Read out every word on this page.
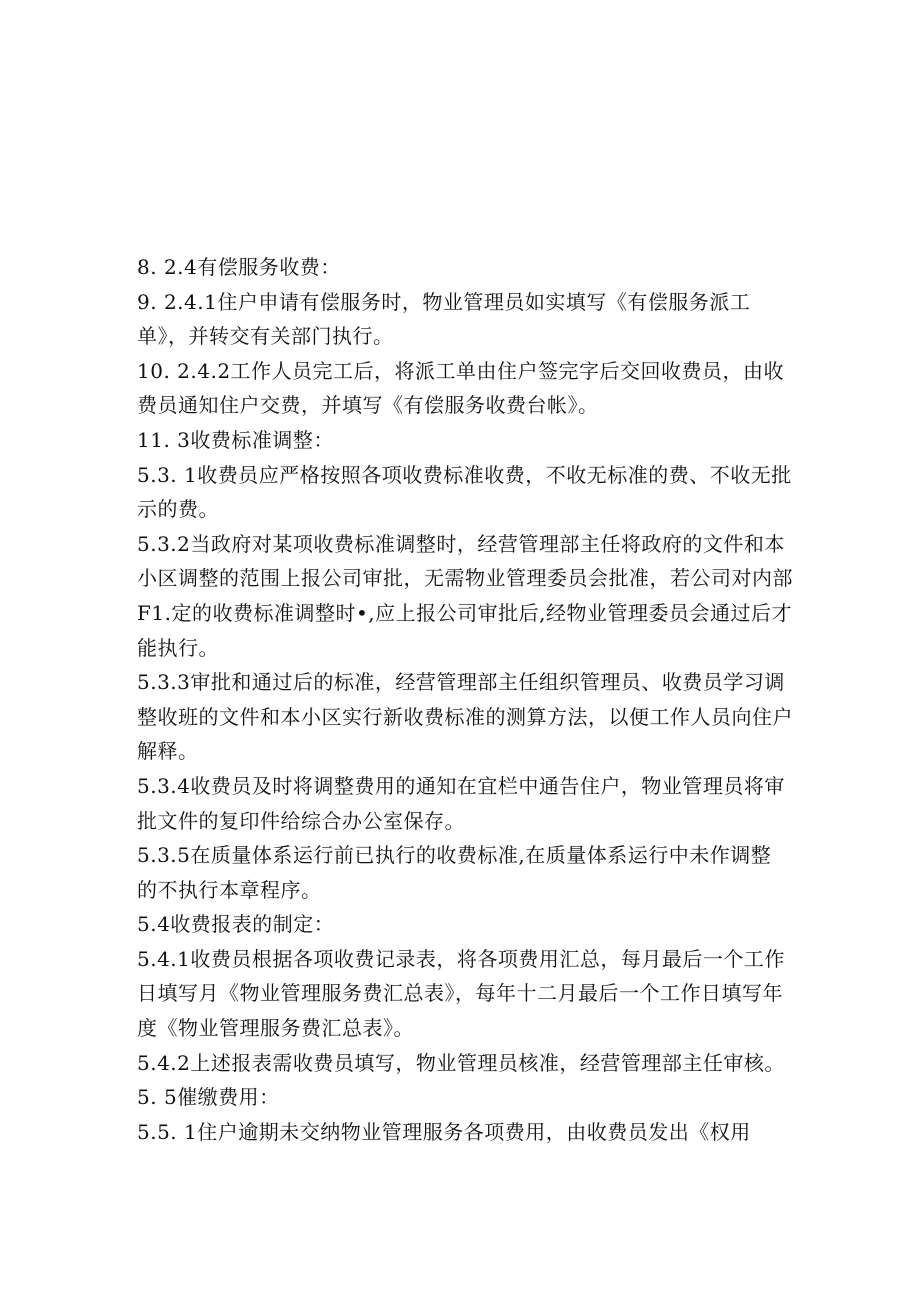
8. 2.4有偿服务收费：
9. 2.4.1住户申请有偿服务时，物业管理员如实填写《有偿服务派工
单》，并转交有关部门执行。
10. 2.4.2工作人员完工后，将派工单由住户签完字后交回收费员，由收
费员通知住户交费，并填写《有偿服务收费台帐》。
11. 3收费标准调整：
5.3. 1收费员应严格按照各项收费标准收费，不收无标准的费、不收无批
示的费。
5.3.2当政府对某项收费标准调整时，经营管理部主任将政府的文件和本
小区调整的范围上报公司审批，无需物业管理委员会批准，若公司对内部
F1.定的收费标准调整时•,应上报公司审批后,经物业管理委员会通过后才
能执行。
5.3.3审批和通过后的标准，经营管理部主任组织管理员、收费员学习调
整收班的文件和本小区实行新收费标准的测算方法，以便工作人员向住户
解释。
5.3.4收费员及时将调整费用的通知在宜栏中通告住户，物业管理员将审
批文件的复印件给综合办公室保存。
5.3.5在质量体系运行前已执行的收费标准,在质量体系运行中未作调整
的不执行本章程序。
5.4收费报表的制定：
5.4.1收费员根据各项收费记录表，将各项费用汇总，每月最后一个工作
日填写月《物业管理服务费汇总表》，每年十二月最后一个工作日填写年
度《物业管理服务费汇总表》。
5.4.2上述报表需收费员填写，物业管理员核准，经营管理部主任审核。
5. 5催缴费用：
5.5. 1住户逾期未交纳物业管理服务各项费用，由收费员发出《权用
